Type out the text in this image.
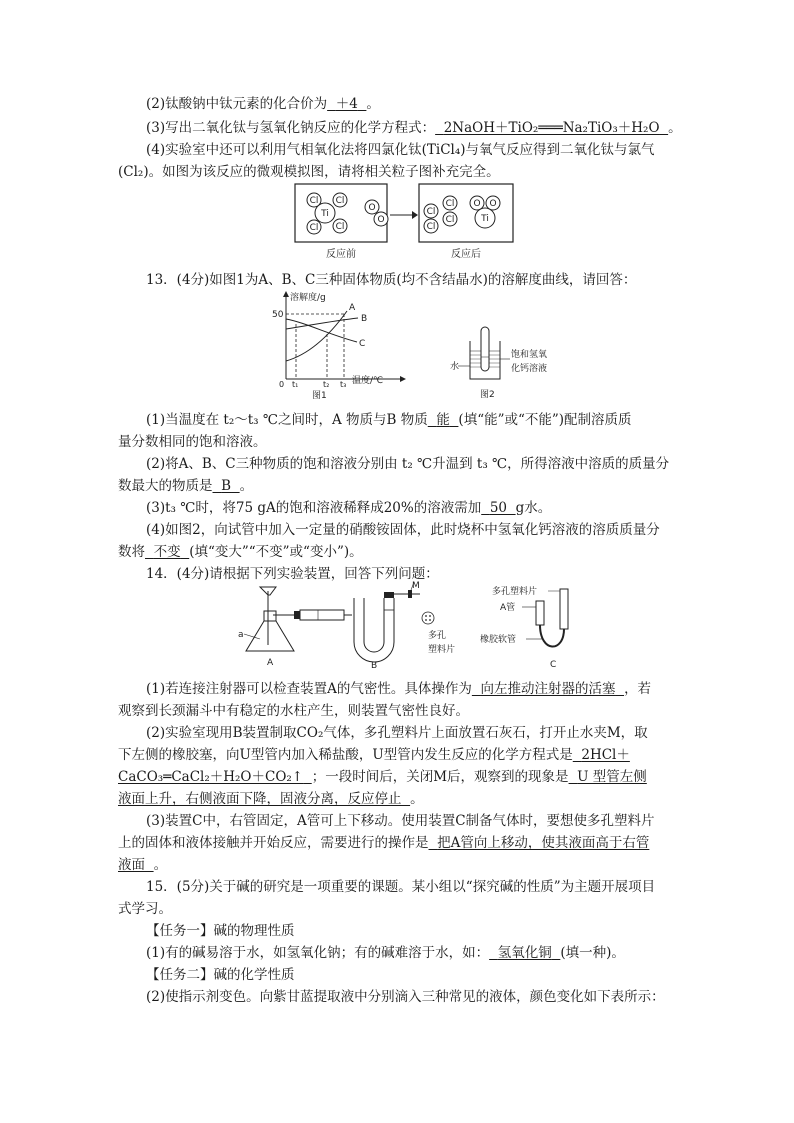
(2)钛酸钠中钛元素的化合价为 ＋4 。
(3)写出二氧化钛与氢氧化钠反应的化学方程式： 2NaOH＋TiO₂═══Na₂TiO₃＋H₂O 。
(4)实验室中还可以利用气相氧化法将四氯化钛(TiCl₄)与氧气反应得到二氧化钛与氯气
(Cl₂)。如图为该反应的微观模拟图，请将相关粒子图补充完全。
Ti
Cl Cl
Cl Cl
O
O
Cl
Cl
Cl
Cl
O O
Ti
反应前	反应后
13．(4分)如图1为A、B、C三种固体物质(均不含结晶水)的溶解度曲线，请回答：
溶解度/g
50
A
B
C
0 t₁	t₂ t₃ 温度/℃
图1
水
饱和氢氧
化钙溶液
图2
(1)当温度在 t₂～t₃ ℃之间时，A 物质与B 物质 能 (填“能”或“不能”)配制溶质质
量分数相同的饱和溶液。
(2)将A、B、C三种物质的饱和溶液分别由 t₂ ℃升温到 t₃ ℃，所得溶液中溶质的质量分
数最大的物质是 B 。
(3)t₃ ℃时，将75 gA的饱和溶液稀释成20%的溶液需加 50 g水。
(4)如图2，向试管中加入一定量的硝酸铵固体，此时烧杯中氢氧化钙溶液的溶质质量分
数将 不变 (填“变大”“不变”或“变小”)。
14．(4分)请根据下列实验装置，回答下列问题：
a
A
M
多孔
塑料片
B
多孔塑料片
A管
橡胶软管
C
(1)若连接注射器可以检查装置A的气密性。具体操作为 向左推动注射器的活塞 ，若
观察到长颈漏斗中有稳定的水柱产生，则装置气密性良好。
(2)实验室现用B装置制取CO₂气体，多孔塑料片上面放置石灰石，打开止水夹M，取
下左侧的橡胶塞，向U型管内加入稀盐酸，U型管内发生反应的化学方程式是 2HCl＋
CaCO₃═CaCl₂＋H₂O＋CO₂↑ ；一段时间后，关闭M后，观察到的现象是 U 型管左侧
液面上升，右侧液面下降，固液分离，反应停止 。
(3)装置C中，右管固定，A管可上下移动。使用装置C制备气体时，要想使多孔塑料片
上的固体和液体接触并开始反应，需要进行的操作是 把A管向上移动，使其液面高于右管
液面 。
15．(5分)关于碱的研究是一项重要的课题。某小组以“探究碱的性质”为主题开展项目
式学习。
【任务一】碱的物理性质
(1)有的碱易溶于水，如氢氧化钠；有的碱难溶于水，如： 氢氧化铜 (填一种)。
【任务二】碱的化学性质
(2)使指示剂变色。向紫甘蓝提取液中分别滴入三种常见的液体，颜色变化如下表所示：
